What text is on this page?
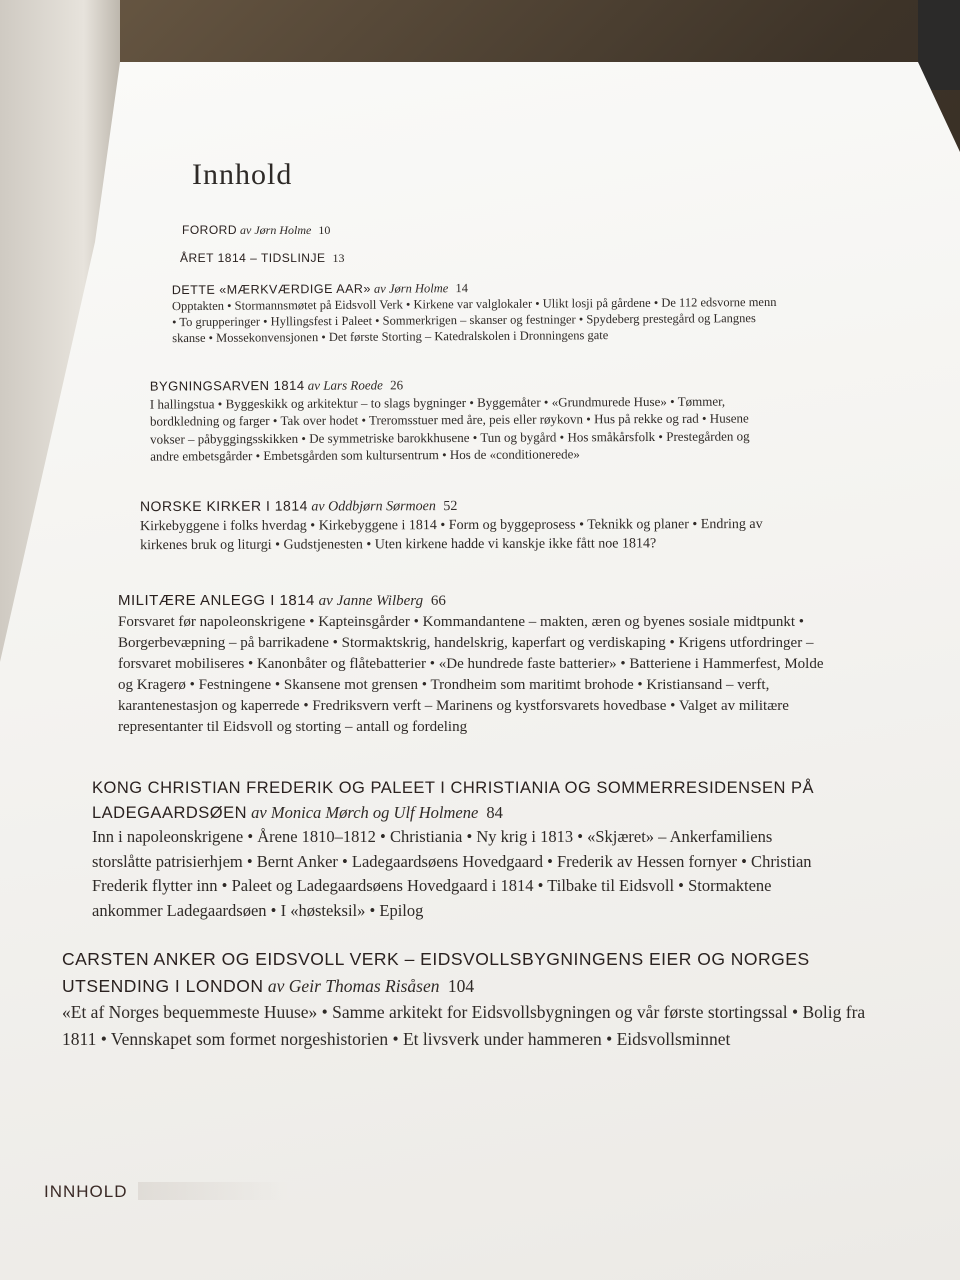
Innhold
FORORD av Jørn Holme 10
ÅRET 1814 – TIDSLINJE 13
DETTE «MÆRKVÆRDIGE AAR» av Jørn Holme 14
Opptakten • Stormannsmøtet på Eidsvoll Verk • Kirkene var valglokaler • Ulikt losji på gårdene • De 112 edsvorne menn • To grupperinger • Hyllingsfest i Paleet • Sommerkrigen – skanser og festninger • Spydeberg prestegård og Langnes skanse • Mossekonvensjonen • Det første Storting – Katedralskolen i Dronningens gate
BYGNINGSARVEN 1814 av Lars Roede 26
I hallingstua • Byggeskikk og arkitektur – to slags bygninger • Byggemåter • «Grundmurede Huse» • Tømmer, bordkledning og farger • Tak over hodet • Treromsstuer med åre, peis eller røykovn • Hus på rekke og rad • Husene vokser – påbyggingsskikken • De symmetriske barokkhusene • Tun og bygård • Hos småkårsfolk • Prestegården og andre embetsgårder • Embetsgården som kultursentrum • Hos de «conditionerede»
NORSKE KIRKER I 1814 av Oddbjørn Sørmoen 52
Kirkebyggene i folks hverdag • Kirkebyggene i 1814 • Form og byggeprosess • Teknikk og planer • Endring av kirkenes bruk og liturgi • Gudstjenesten • Uten kirkene hadde vi kanskje ikke fått noe 1814?
MILITÆRE ANLEGG I 1814 av Janne Wilberg 66
Forsvaret før napoleonskrigene • Kapteinsgårder • Kommandantene – makten, æren og byenes sosiale midtpunkt • Borgerbevæpning – på barrikadene • Stormaktskrig, handelskrig, kaperfart og verdiskaping • Krigens utfordringer – forsvaret mobiliseres • Kanonbåter og flåtebatterier • «De hundrede faste batterier» • Batteriene i Hammerfest, Molde og Kragerø • Festningene • Skansene mot grensen • Trondheim som maritimt brohode • Kristiansand – verft, karantenestasjon og kaperrede • Fredriksvern verft – Marinens og kystforsvarets hovedbase • Valget av militære representanter til Eidsvoll og storting – antall og fordeling
KONG CHRISTIAN FREDERIK OG PALEET I CHRISTIANIA OG SOMMERRESIDENSEN PÅ LADEGAARDSØEN av Monica Mørch og Ulf Holmene 84
Inn i napoleonskrigene • Årene 1810–1812 • Christiania • Ny krig i 1813 • «Skjæret» – Ankerfamiliens storslåtte patrisierhjem • Bernt Anker • Ladegaardsøens Hovedgaard • Frederik av Hessen fornyer • Christian Frederik flytter inn • Paleet og Ladegaardsøens Hovedgaard i 1814 • Tilbake til Eidsvoll • Stormaktene ankommer Ladegaardsøen • I «høsteksil» • Epilog
CARSTEN ANKER OG EIDSVOLL VERK – EIDSVOLLSBYGNINGENS EIER OG NORGES UTSENDING I LONDON av Geir Thomas Risåsen 104
«Et af Norges bequemmeste Huuse» • Samme arkitekt for Eidsvollsbygningen og vår første stortingssal • Bolig fra 1811 • Vennskapet som formet norgeshistorien • Et livsverk under hammeren • Eidsvollsminnet
INNHOLD
